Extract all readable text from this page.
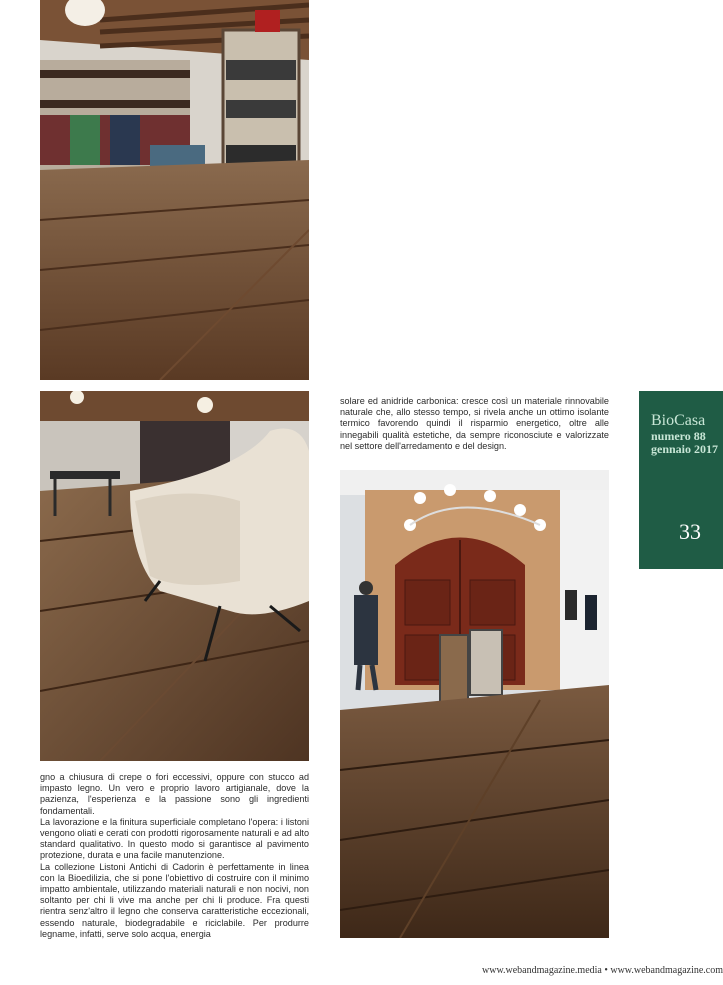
BioCasa
numero 88
gennaio 2017
33

solare ed anidride carbonica: cresce così un materiale rinnovabile naturale che, allo stesso tempo, si rivela anche un ottimo isolante termico favorendo quindi il risparmio energetico, oltre alle innegabili qualità estetiche, da sempre riconosciute e valorizzate nel settore dell'arredamento e del design.

gno a chiusura di crepe o fori eccessivi, oppure con stucco ad impasto legno. Un vero e proprio lavoro artigianale, dove la pazienza, l'esperienza e la passione sono gli ingredienti fondamentali.

La lavorazione e la finitura superficiale completano l'opera: i listoni vengono oliati e cerati con prodotti rigorosamente naturali e ad alto standard qualitativo. In questo modo si garantisce al pavimento protezione, durata e una facile manutenzione.

La collezione Listoni Antichi di Cadorin è perfettamente in linea con la Bioedilizia, che si pone l'obiettivo di costruire con il minimo impatto ambientale, utilizzando materiali naturali e non nocivi, non soltanto per chi li vive ma anche per chi li produce. Fra questi rientra senz'altro il legno che conserva caratteristiche eccezionali, essendo naturale, biodegradabile e riciclabile. Per produrre legname, infatti, serve solo acqua, energia

www.webandmagazine.media • www.webandmagazine.com
